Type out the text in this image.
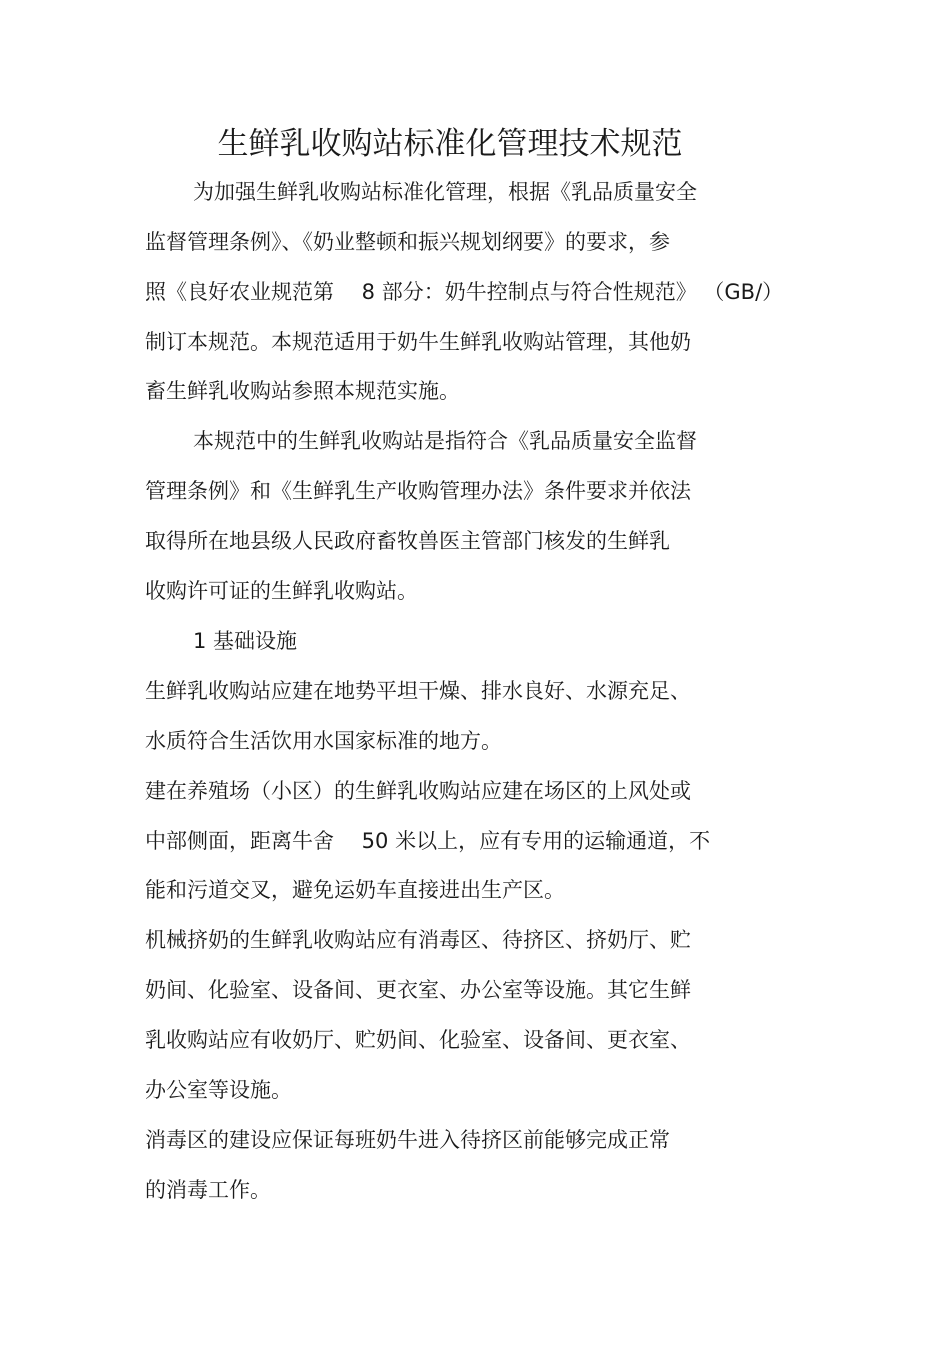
生鲜乳收购站标准化管理技术规范
为加强生鲜乳收购站标准化管理，根据《乳品质量安全
监督管理条例》、《奶业整顿和振兴规划纲要》的要求，参
照《良好农业规范第　 8 部分：奶牛控制点与符合性规范》 （GB/）
制订本规范。本规范适用于奶牛生鲜乳收购站管理，其他奶
畜生鲜乳收购站参照本规范实施。
本规范中的生鲜乳收购站是指符合《乳品质量安全监督
管理条例》和《生鲜乳生产收购管理办法》条件要求并依法
取得所在地县级人民政府畜牧兽医主管部门核发的生鲜乳
收购许可证的生鲜乳收购站。
1 基础设施
生鲜乳收购站应建在地势平坦干燥、排水良好、水源充足、
水质符合生活饮用水国家标准的地方。
建在养殖场（小区）的生鲜乳收购站应建在场区的上风处或
中部侧面，距离牛舍　 50 米以上，应有专用的运输通道，不
能和污道交叉，避免运奶车直接进出生产区。
机械挤奶的生鲜乳收购站应有消毒区、待挤区、挤奶厅、贮
奶间、化验室、设备间、更衣室、办公室等设施。其它生鲜
乳收购站应有收奶厅、贮奶间、化验室、设备间、更衣室、
办公室等设施。
消毒区的建设应保证每班奶牛进入待挤区前能够完成正常
的消毒工作。
